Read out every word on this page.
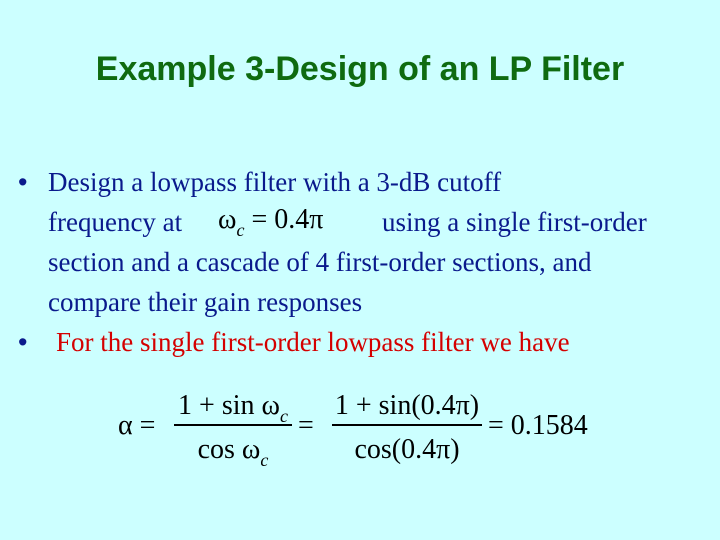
Example 3-Design of an LP Filter
• Design a lowpass filter with a 3-dB cutoff
frequency at $\omega_c = 0.4\pi$ using a single first-order
section and a cascade of 4 first-order sections, and
compare their gain responses
• For the single first-order lowpass filter we have
α =
$1 + \sin \omega_c$
$\cos \omega_c$
=
1 + sin(0.4π)
cos(0.4π)
= 0.1584
